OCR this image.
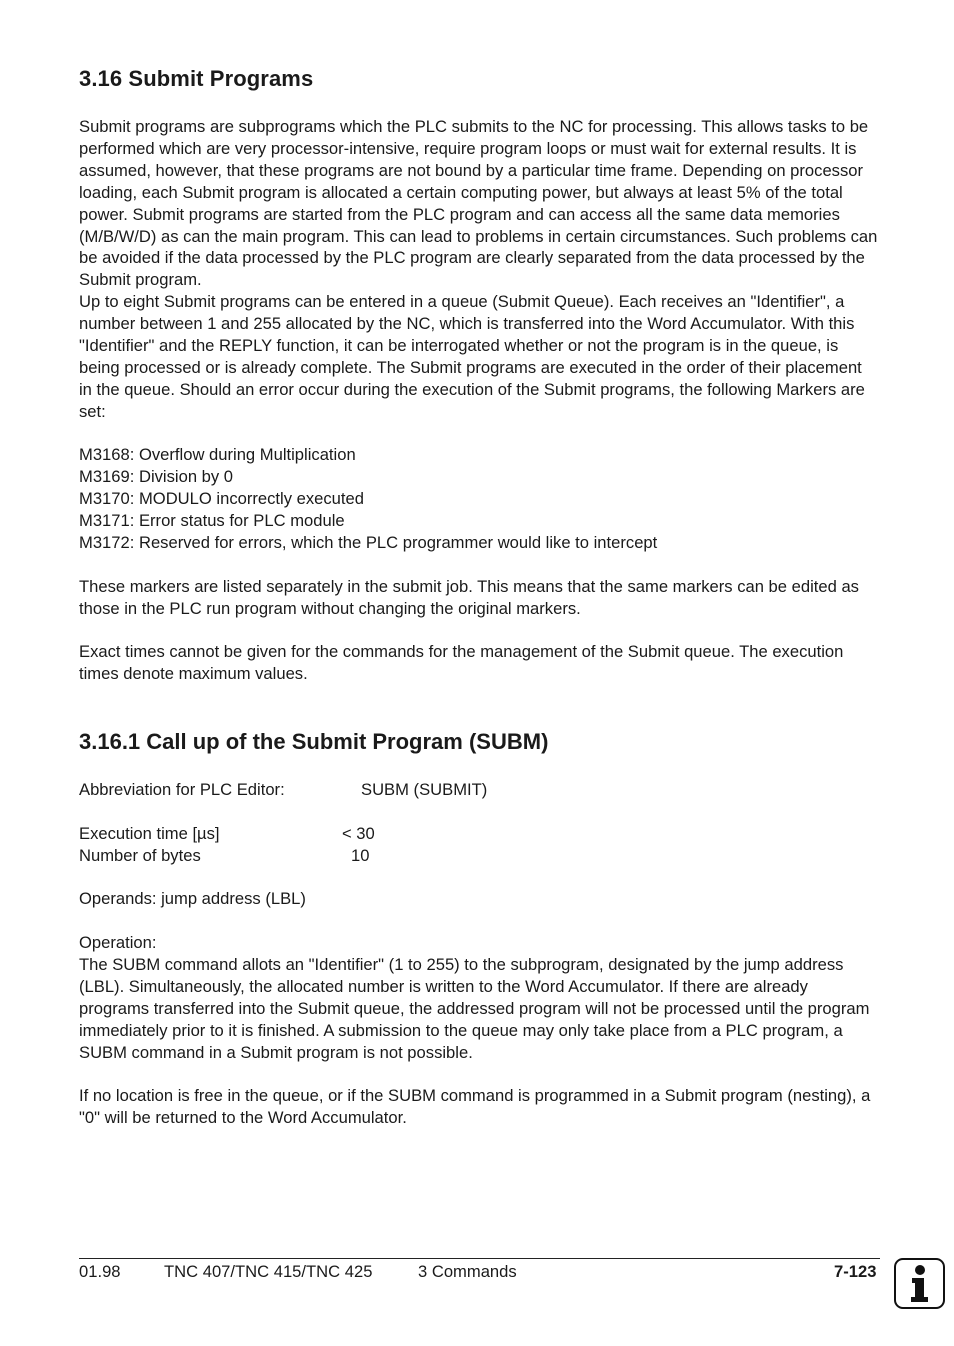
3.16 Submit Programs

Submit programs are subprograms which the PLC submits to the NC for processing. This allows tasks to be performed which are very processor-intensive, require program loops or must wait for external results. It is assumed, however, that these programs are not bound by a particular time frame. Depending on processor loading, each Submit program is allocated a certain computing power, but always at least 5% of the total power. Submit programs are started from the PLC program and can access all the same data memories (M/B/W/D) as can the main program. This can lead to problems in certain circumstances. Such problems can be avoided if the data processed by the PLC program are clearly separated from the data processed by the Submit program.

Up to eight Submit programs can be entered in a queue (Submit Queue). Each receives an "Identifier", a number between 1 and 255 allocated by the NC, which is transferred into the Word Accumulator. With this "Identifier" and the REPLY function, it can be interrogated whether or not the program is in the queue, is being processed or is already complete. The Submit programs are executed in the order of their placement in the queue. Should an error occur during the execution of the Submit programs, the following Markers are set:

M3168: Overflow during Multiplication

M3169: Division by 0

M3170: MODULO incorrectly executed

M3171: Error status for PLC module

M3172: Reserved for errors, which the PLC programmer would like to intercept

These markers are listed separately in the submit job. This means that the same markers can be edited as those in the PLC run program without changing the original markers.

Exact times cannot be given for the commands for the management of the Submit queue. The execution times denote maximum values.

3.16.1 Call up of the Submit Program (SUBM)
Abbreviation for PLC Editor:	SUBM (SUBMIT)
Execution time [µs]	< 30
Number of bytes	10

Operands: jump address (LBL)

Operation:

The SUBM command allots an "Identifier" (1 to 255) to the subprogram, designated by the jump address (LBL). Simultaneously, the allocated number is written to the Word Accumulator. If there are already programs transferred into the Submit queue, the addressed program will not be processed until the program immediately prior to it is finished. A submission to the queue may only take place from a PLC program, a SUBM command in a Submit program is not possible.

If no location is free in the queue, or if the SUBM command is programmed in a Submit program (nesting), a "0" will be returned to the Word Accumulator.

01.98	TNC 407/TNC 415/TNC 425	3 Commands	7-123
